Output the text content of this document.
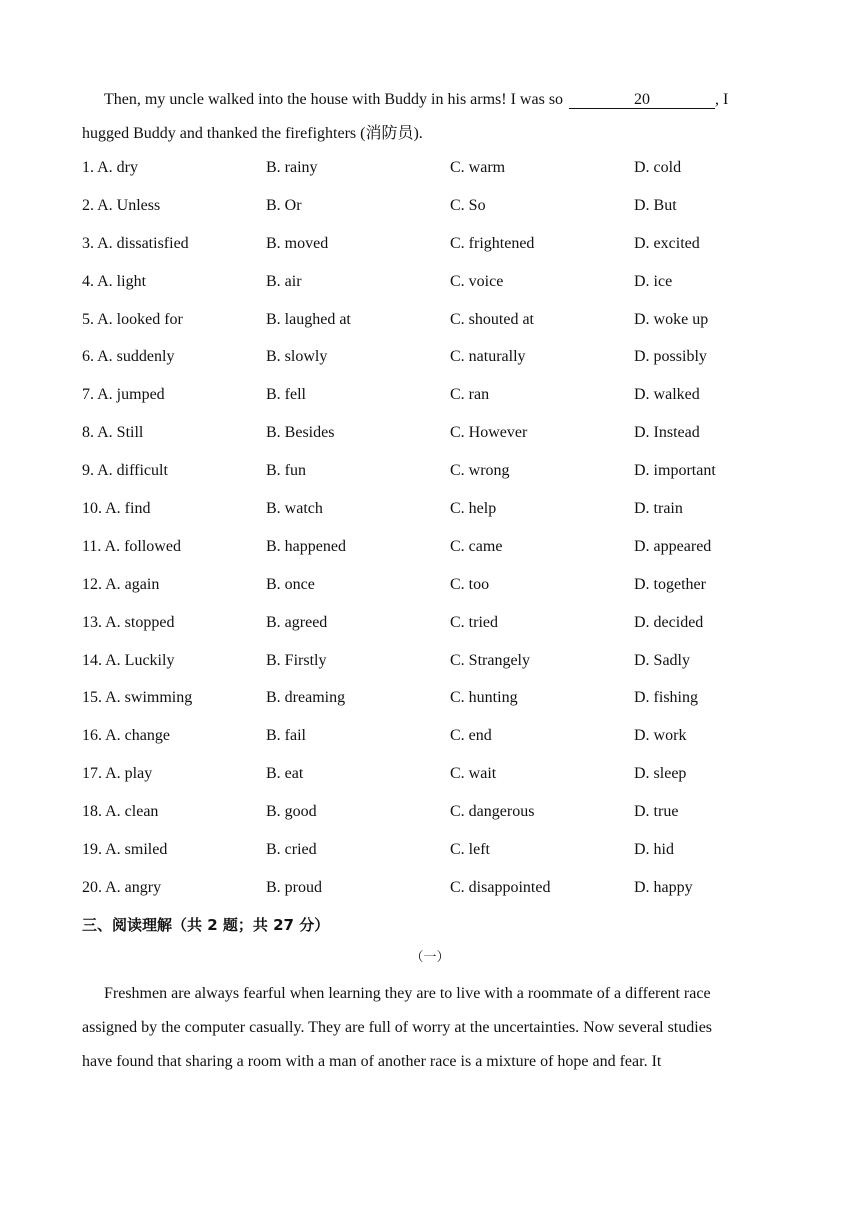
Then, my uncle walked into the house with Buddy in his arms! I was so	20	, I
hugged Buddy and thanked the firefighters (消防员).
1. A. dry	B. rainy	C. warm	D. cold
2. A. Unless	B. Or	C. So	D. But
3. A. dissatisfied	B. moved	C. frightened	D. excited
4. A. light	B. air	C. voice	D. ice
5. A. looked for	B. laughed at	C. shouted at	D. woke up
6. A. suddenly	B. slowly	C. naturally	D. possibly
7. A. jumped	B. fell	C. ran	D. walked
8. A. Still	B. Besides	C. However	D. Instead
9. A. difficult	B. fun	C. wrong	D. important
10. A. find	B. watch	C. help	D. train
11. A. followed	B. happened	C. came	D. appeared
12. A. again	B. once	C. too	D. together
13. A. stopped	B. agreed	C. tried	D. decided
14. A. Luckily	B. Firstly	C. Strangely	D. Sadly
15. A. swimming	B. dreaming	C. hunting	D. fishing
16. A. change	B. fail	C. end	D. work
17. A. play	B. eat	C. wait	D. sleep
18. A. clean	B. good	C. dangerous	D. true
19. A. smiled	B. cried	C. left	D. hid
20. A. angry	B. proud	C. disappointed	D. happy
三、阅读理解（共 2 题；共 27 分）
（一）
Freshmen are always fearful when learning they are to live with a roommate of a different race
assigned by the computer casually. They are full of worry at the uncertainties. Now several studies
have found that sharing a room with a man of another race is a mixture of hope and fear. It
